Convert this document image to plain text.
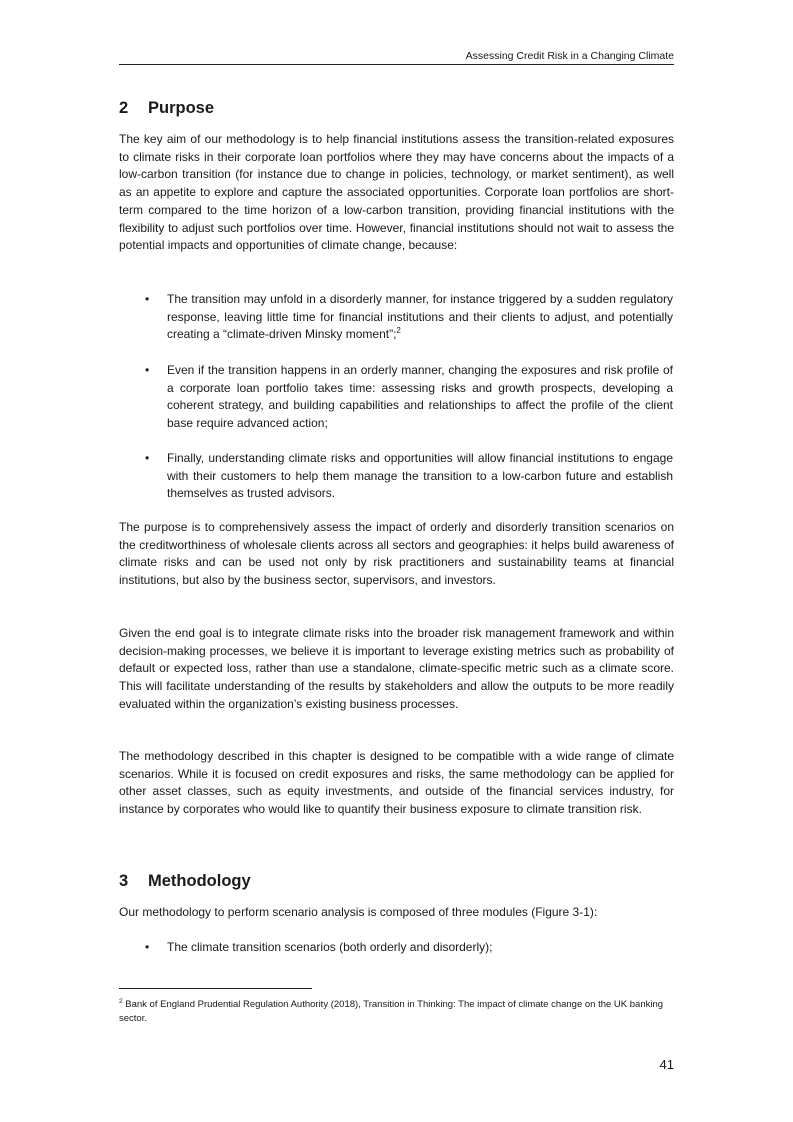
Assessing Credit Risk in a Changing Climate
2 Purpose

The key aim of our methodology is to help financial institutions assess the transition-related exposures to climate risks in their corporate loan portfolios where they may have concerns about the impacts of a low-carbon transition (for instance due to change in policies, technology, or market sentiment), as well as an appetite to explore and capture the associated opportunities. Corporate loan portfolios are short-term compared to the time horizon of a low-carbon transition, providing financial institutions with the flexibility to adjust such portfolios over time. However, financial institutions should not wait to assess the potential impacts and opportunities of climate change, because:

•	The transition may unfold in a disorderly manner, for instance triggered by a sudden regulatory response, leaving little time for financial institutions and their clients to adjust, and potentially creating a “climate-driven Minsky moment”;$^2$
•	Even if the transition happens in an orderly manner, changing the exposures and risk profile of a corporate loan portfolio takes time: assessing risks and growth prospects, developing a coherent strategy, and building capabilities and relationships to affect the profile of the client base require advanced action;
•	Finally, understanding climate risks and opportunities will allow financial institutions to engage with their customers to help them manage the transition to a low-carbon future and establish themselves as trusted advisors.

The purpose is to comprehensively assess the impact of orderly and disorderly transition scenarios on the creditworthiness of wholesale clients across all sectors and geographies: it helps build awareness of climate risks and can be used not only by risk practitioners and sustainability teams at financial institutions, but also by the business sector, supervisors, and investors.

Given the end goal is to integrate climate risks into the broader risk management framework and within decision-making processes, we believe it is important to leverage existing metrics such as probability of default or expected loss, rather than use a standalone, climate-specific metric such as a climate score. This will facilitate understanding of the results by stakeholders and allow the outputs to be more readily evaluated within the organization’s existing business processes.

The methodology described in this chapter is designed to be compatible with a wide range of climate scenarios. While it is focused on credit exposures and risks, the same methodology can be applied for other asset classes, such as equity investments, and outside of the financial services industry, for instance by corporates who would like to quantify their business exposure to climate transition risk.

3 Methodology

Our methodology to perform scenario analysis is composed of three modules (Figure 3-1):

•	The climate transition scenarios (both orderly and disorderly);

$^2$ Bank of England Prudential Regulation Authority (2018), Transition in Thinking: The impact of climate change on the UK banking sector.

41
